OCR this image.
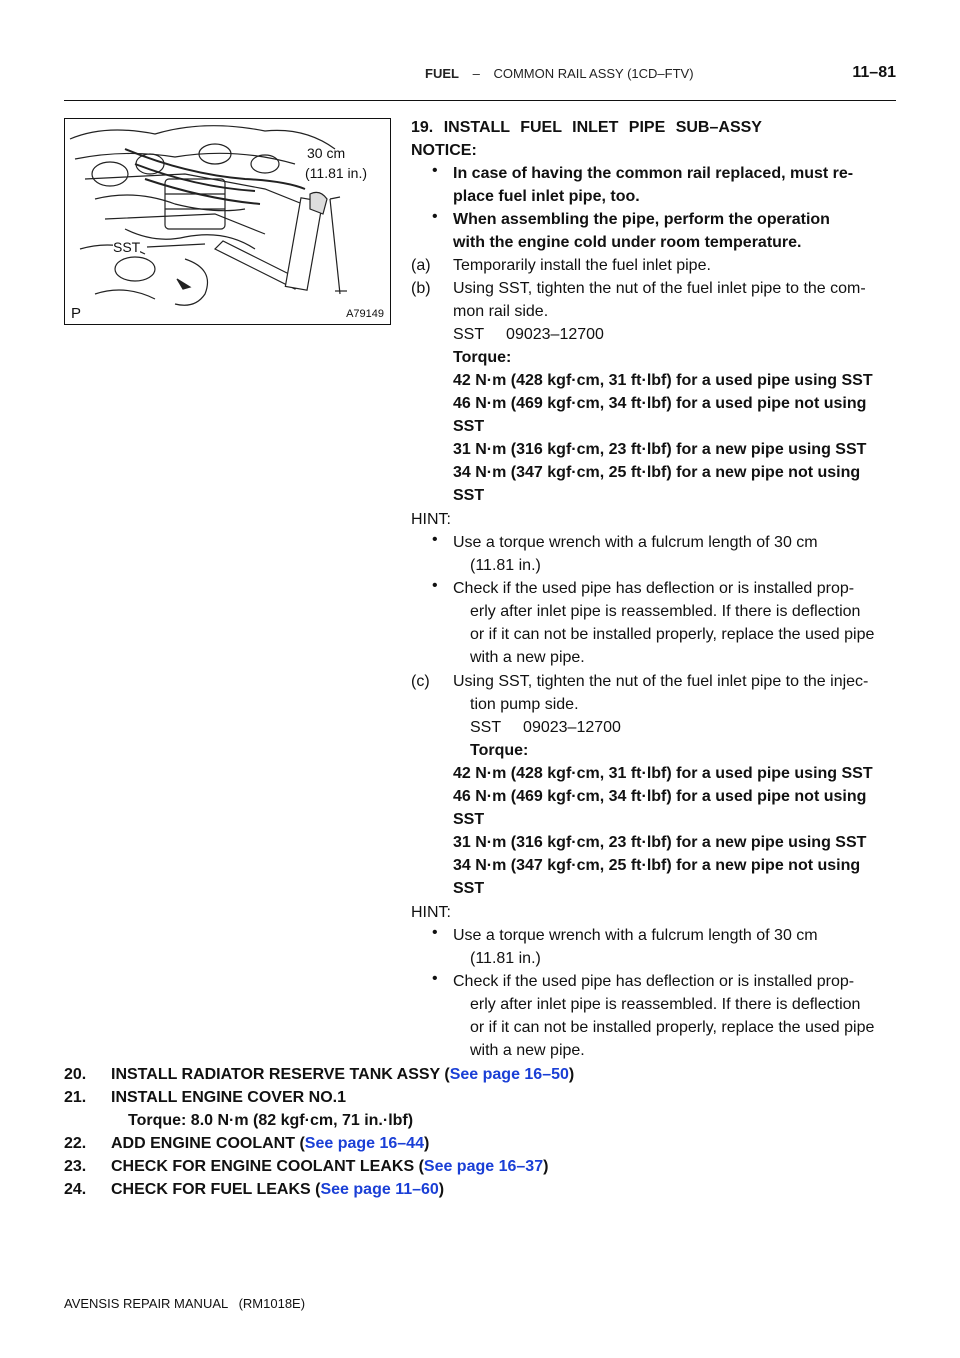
FUEL – COMMON RAIL ASSY (1CD–FTV)	11–81
30 cm
(11.81 in.)
SST
A79149
P
19. INSTALL FUEL INLET PIPE SUB–ASSY
NOTICE:
• In case of having the common rail replaced, must re-
place fuel inlet pipe, too.
• When assembling the pipe, perform the operation
with the engine cold under room temperature.
(a) Temporarily install the fuel inlet pipe.
(b) Using SST, tighten the nut of the fuel inlet pipe to the com-
mon rail side.
SST     09023–12700
Torque:
42 N·m (428 kgf·cm, 31 ft·lbf) for a used pipe using SST
46 N·m (469 kgf·cm, 34 ft·lbf) for a used pipe not using
SST
31 N·m (316 kgf·cm, 23 ft·lbf) for a new pipe using SST
34 N·m (347 kgf·cm, 25 ft·lbf) for a new pipe not using
SST
HINT:
• Use a torque wrench with a fulcrum length of 30 cm
(11.81 in.)
• Check if the used pipe has deflection or is installed prop-
erly after inlet pipe is reassembled. If there is deflection
or if it can not be installed properly, replace the used pipe
with a new pipe.
(c) Using SST, tighten the nut of the fuel inlet pipe to the injec-
tion pump side.
SST     09023–12700
Torque:
42 N·m (428 kgf·cm, 31 ft·lbf) for a used pipe using SST
46 N·m (469 kgf·cm, 34 ft·lbf) for a used pipe not using
SST
31 N·m (316 kgf·cm, 23 ft·lbf) for a new pipe using SST
34 N·m (347 kgf·cm, 25 ft·lbf) for a new pipe not using
SST
HINT:
• Use a torque wrench with a fulcrum length of 30 cm
(11.81 in.)
• Check if the used pipe has deflection or is installed prop-
erly after inlet pipe is reassembled. If there is deflection
or if it can not be installed properly, replace the used pipe
with a new pipe.
20. INSTALL RADIATOR RESERVE TANK ASSY (See page 16–50)
21. INSTALL ENGINE COVER NO.1
Torque: 8.0 N·m (82 kgf·cm, 71 in.·lbf)
22. ADD ENGINE COOLANT (See page 16–44)
23. CHECK FOR ENGINE COOLANT LEAKS (See page 16–37)
24. CHECK FOR FUEL LEAKS (See page 11–60)
AVENSIS REPAIR MANUAL   (RM1018E)
